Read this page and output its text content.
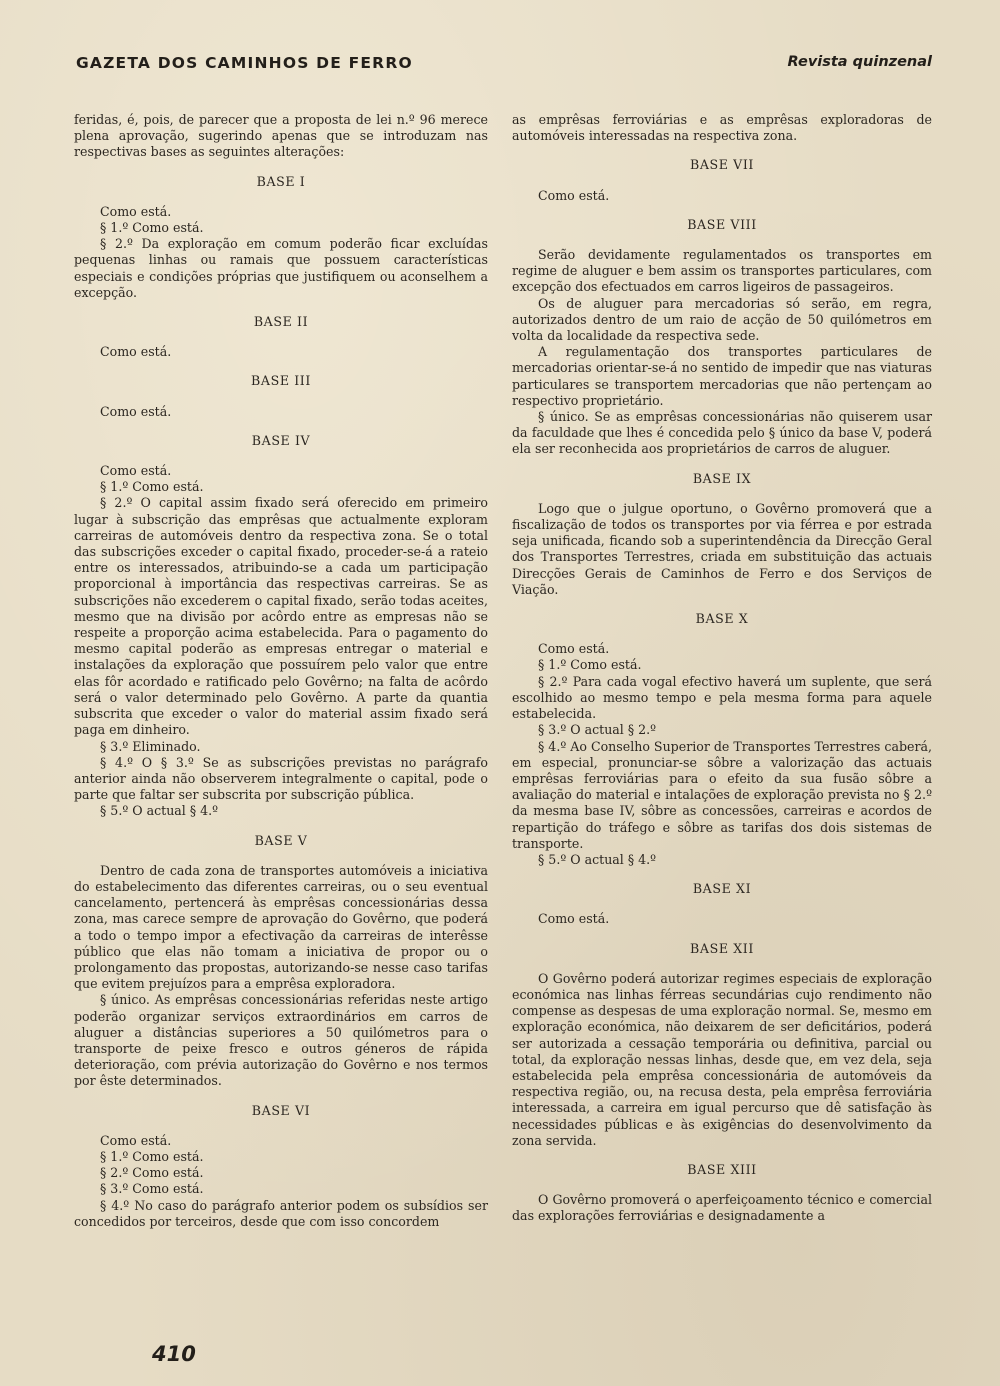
GAZETA DOS CAMINHOS DE FERRO	Revista quinzenal

feridas, é, pois, de parecer que a proposta de lei n.º 96 merece plena aprovação, sugerindo apenas que se introduzam nas respectivas bases as seguintes alterações:

BASE I

Como está.

§ 1.º Como está.

§ 2.º Da exploração em comum poderão ficar excluídas pequenas linhas ou ramais que possuem características especiais e condições próprias que justifiquem ou aconselhem a excepção.

BASE II

Como está.

BASE III

Como está.

BASE IV

Como está.

§ 1.º Como está.

§ 2.º O capital assim fixado será oferecido em primeiro lugar à subscrição das emprêsas que actualmente exploram carreiras de automóveis dentro da respectiva zona. Se o total das subscrições exceder o capital fixado, proceder-se-á a rateio entre os interessados, atribuindo-se a cada um participação proporcional à importância das respectivas carreiras. Se as subscrições não excederem o capital fixado, serão todas aceites, mesmo que na divisão por acôrdo entre as empresas não se respeite a proporção acima estabelecida. Para o pagamento do mesmo capital poderão as empresas entregar o material e instalações da exploração que possuírem pelo valor que entre elas fôr acordado e ratificado pelo Govêrno; na falta de acôrdo será o valor determinado pelo Govêrno. A parte da quantia subscrita que exceder o valor do material assim fixado será paga em dinheiro.

§ 3.º Eliminado.

§ 4.º O § 3.º Se as subscrições previstas no parágrafo anterior ainda não observerem integralmente o capital, pode o parte que faltar ser subscrita por subscrição pública.

§ 5.º O actual § 4.º

BASE V

Dentro de cada zona de transportes automóveis a iniciativa do estabelecimento das diferentes carreiras, ou o seu eventual cancelamento, pertencerá às emprêsas concessionárias dessa zona, mas carece sempre de aprovação do Govêrno, que poderá a todo o tempo impor a efectivação da carreiras de interêsse público que elas não tomam a iniciativa de propor ou o prolongamento das propostas, autorizando-se nesse caso tarifas que evitem prejuízos para a emprêsa exploradora.

§ único. As emprêsas concessionárias referidas neste artigo poderão organizar serviços extraordinários em carros de aluguer a distâncias superiores a 50 quilómetros para o transporte de peixe fresco e outros géneros de rápida deterioração, com prévia autorização do Govêrno e nos termos por êste determinados.

BASE VI

Como está.

§ 1.º Como está.

§ 2.º Como está.

§ 3.º Como está.

§ 4.º No caso do parágrafo anterior podem os subsídios ser concedidos por terceiros, desde que com isso concordem

as emprêsas ferroviárias e as emprêsas exploradoras de automóveis interessadas na respectiva zona.

BASE VII

Como está.

BASE VIII

Serão devidamente regulamentados os transportes em regime de aluguer e bem assim os transportes particulares, com excepção dos efectuados em carros ligeiros de passageiros.

Os de aluguer para mercadorias só serão, em regra, autorizados dentro de um raio de acção de 50 quilómetros em volta da localidade da respectiva sede.

A regulamentação dos transportes particulares de mercadorias orientar-se-á no sentido de impedir que nas viaturas particulares se transportem mercadorias que não pertençam ao respectivo proprietário.

§ único. Se as emprêsas concessionárias não quiserem usar da faculdade que lhes é concedida pelo § único da base V, poderá ela ser reconhecida aos proprietários de carros de aluguer.

BASE IX

Logo que o julgue oportuno, o Govêrno promoverá que a fiscalização de todos os transportes por via férrea e por estrada seja unificada, ficando sob a superintendência da Direcção Geral dos Transportes Terrestres, criada em substituição das actuais Direcções Gerais de Caminhos de Ferro e dos Serviços de Viação.

BASE X

Como está.

§ 1.º Como está.

§ 2.º Para cada vogal efectivo haverá um suplente, que será escolhido ao mesmo tempo e pela mesma forma para aquele estabelecida.

§ 3.º O actual § 2.º

§ 4.º Ao Conselho Superior de Transportes Terrestres caberá, em especial, pronunciar-se sôbre a valorização das actuais emprêsas ferroviárias para o efeito da sua fusão sôbre a avaliação do material e intalações de exploração prevista no § 2.º da mesma base IV, sôbre as concessões, carreiras e acordos de repartição do tráfego e sôbre as tarifas dos dois sistemas de transporte.

§ 5.º O actual § 4.º

BASE XI

Como está.

BASE XII

O Govêrno poderá autorizar regimes especiais de exploração económica nas linhas férreas secundárias cujo rendimento não compense as despesas de uma exploração normal. Se, mesmo em exploração económica, não deixarem de ser deficitários, poderá ser autorizada a cessação temporária ou definitiva, parcial ou total, da exploração nessas linhas, desde que, em vez dela, seja estabelecida pela emprêsa concessionária de automóveis da respectiva região, ou, na recusa desta, pela emprêsa ferroviária interessada, a carreira em igual percurso que dê satisfação às necessidades públicas e às exigências do desenvolvimento da zona servida.

BASE XIII

O Govêrno promoverá o aperfeiçoamento técnico e comercial das explorações ferroviárias e designadamente a

410
